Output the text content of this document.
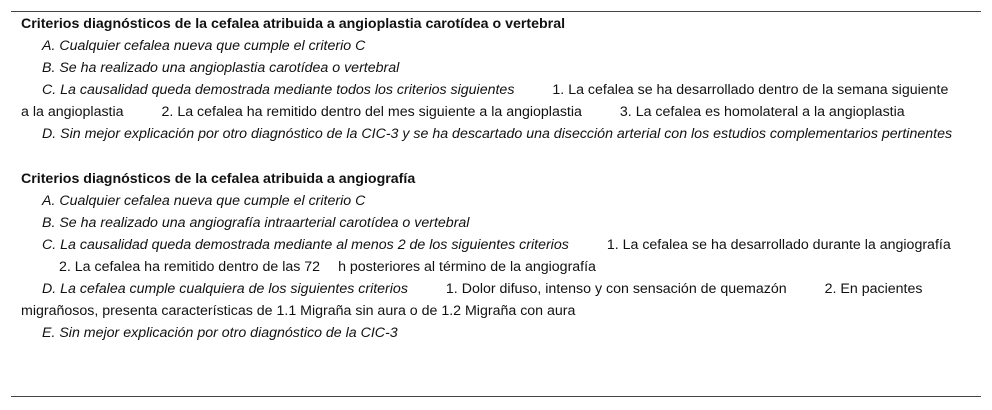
Criterios diagnósticos de la cefalea atribuida a angioplastia carotídea o vertebral

A. Cualquier cefalea nueva que cumple el criterio C

B. Se ha realizado una angioplastia carotídea o vertebral

C. La causalidad queda demostrada mediante todos los criterios siguientes	1. La cefalea se ha desarrollado dentro de la semana siguiente a la angioplastia	2. La cefalea ha remitido dentro del mes siguiente a la angioplastia	3. La cefalea es homolateral a la angioplastia

D. Sin mejor explicación por otro diagnóstico de la CIC-3 y se ha descartado una disección arterial con los estudios complementarios pertinentes

Criterios diagnósticos de la cefalea atribuida a angiografía

A. Cualquier cefalea nueva que cumple el criterio C

B. Se ha realizado una angiografía intraarterial carotídea o vertebral

C. La causalidad queda demostrada mediante al menos 2 de los siguientes criterios	1. La cefalea se ha desarrollado durante la angiografía2. La cefalea ha remitido dentro de las 72 h posteriores al término de la angiografía

D. La cefalea cumple cualquiera de los siguientes criterios	1. Dolor difuso, intenso y con sensación de quemazón	2. En pacientes migrañosos, presenta características de 1.1 Migraña sin aura o de 1.2 Migraña con aura

E. Sin mejor explicación por otro diagnóstico de la CIC-3
